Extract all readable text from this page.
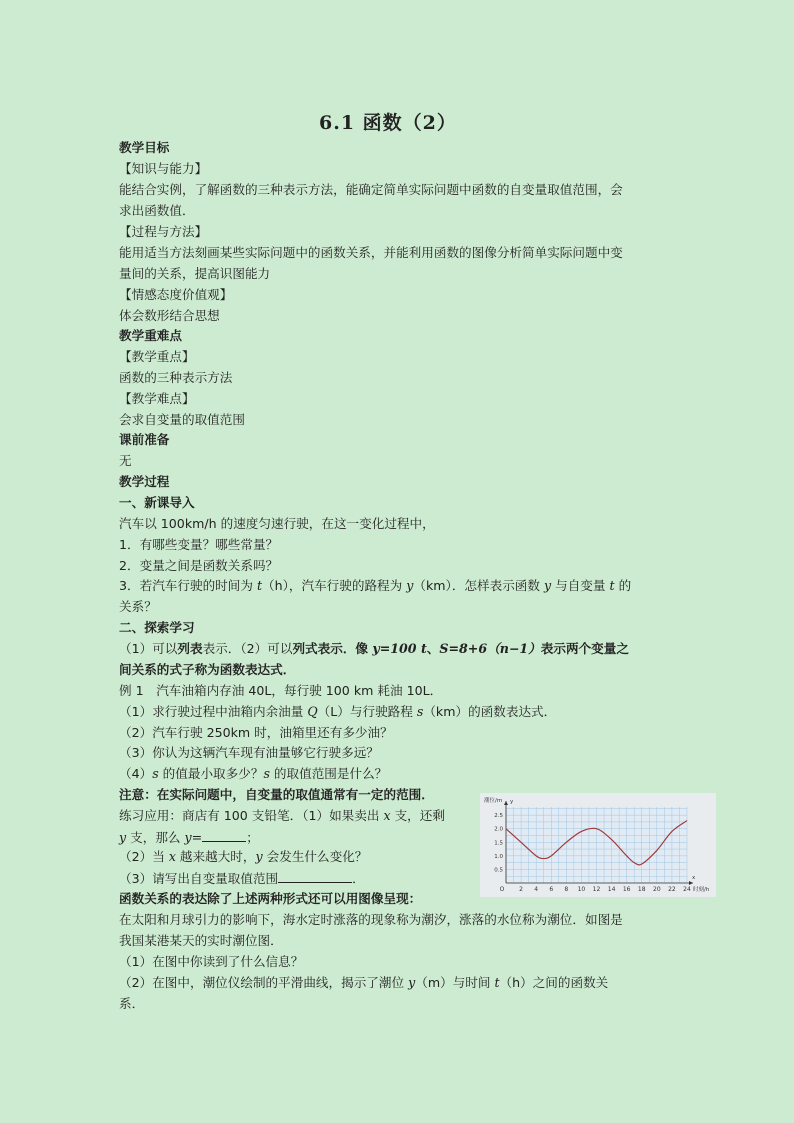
6.1 函数（2）
教学目标
【知识与能力】
能结合实例，了解函数的三种表示方法，能确定简单实际问题中函数的自变量取值范围，会
求出函数值．
【过程与方法】
能用适当方法刻画某些实际问题中的函数关系，并能利用函数的图像分析简单实际问题中变
量间的关系，提高识图能力
【情感态度价值观】
体会数形结合思想
教学重难点
【教学重点】
函数的三种表示方法
【教学难点】
会求自变量的取值范围
课前准备
无
教学过程
一、新课导入
汽车以 100km/h 的速度匀速行驶，在这一变化过程中，
1．有哪些变量？哪些常量？
2．变量之间是函数关系吗？
3．若汽车行驶的时间为 t（h），汽车行驶的路程为 y（km）．怎样表示函数 y 与自变量 t 的
关系？
二、探索学习
（1）可以列表表示．（2）可以列式表示．像 y=100 t、S=8+6（n−1）表示两个变量之
间关系的式子称为函数表达式．
例 1　汽车油箱内存油 40L，每行驶 100 km 耗油 10L．
（1）求行驶过程中油箱内余油量 Q（L）与行驶路程 s（km）的函数表达式．
（2）汽车行驶 250km 时，油箱里还有多少油？
（3）你认为这辆汽车现有油量够它行驶多远？
（4）s 的值最小取多少？s 的取值范围是什么？
注意：在实际问题中，自变量的取值通常有一定的范围．
练习应用：商店有 100 支铅笔．（1）如果卖出 x 支，还剩
y 支，那么 y=	；
（2）当 x 越来越大时，y 会发生什么变化？
（3）请写出自变量取值范围	．
函数关系的表达除了上述两种形式还可以用图像呈现：
在太阳和月球引力的影响下，海水定时涨落的现象称为潮汐，涨落的水位称为潮位．如图是
我国某港某天的实时潮位图．
（1）在图中你读到了什么信息？
（2）在图中，潮位仪绘制的平滑曲线，揭示了潮位 y（m）与时间 t（h）之间的函数关
系．
2 4 6 8 10 12 14 16 18 20 22 24
0.5
1.0
1.5
2.0
2.5
O
潮位/m y
x
时刻/h
